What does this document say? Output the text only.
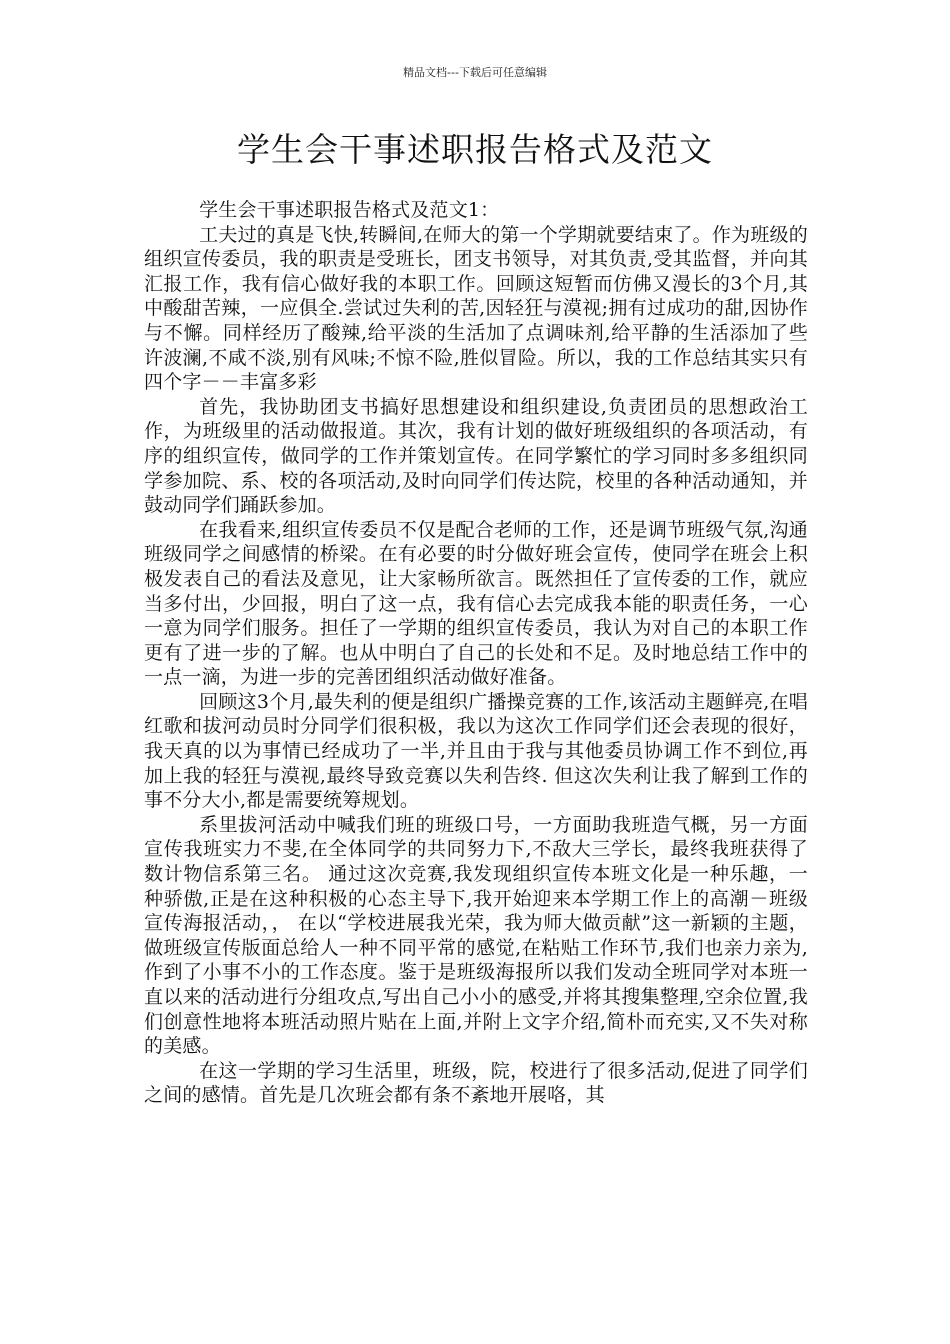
精品文档---下载后可任意编辑
学生会干事述职报告格式及范文

学生会干事述职报告格式及范文1：

工夫过的真是飞快,转瞬间,在师大的第一个学期就要结束了。作为班级的组织宣传委员，我的职责是受班长，团支书领导，对其负责,受其监督，并向其汇报工作，我有信心做好我的本职工作。回顾这短暂而仿佛又漫长的3个月,其中酸甜苦辣，一应俱全.尝试过失利的苦,因轻狂与漠视;拥有过成功的甜,因协作与不懈。同样经历了酸辣,给平淡的生活加了点调味剂,给平静的生活添加了些许波澜,不咸不淡,别有风味;不惊不险,胜似冒险。所以，我的工作总结其实只有四个字－－丰富多彩

首先，我协助团支书搞好思想建设和组织建设,负责团员的思想政治工作，为班级里的活动做报道。其次，我有计划的做好班级组织的各项活动，有序的组织宣传，做同学的工作并策划宣传。在同学繁忙的学习同时多多组织同学参加院、系、校的各项活动,及时向同学们传达院，校里的各种活动通知，并鼓动同学们踊跃参加。

在我看来,组织宣传委员不仅是配合老师的工作，还是调节班级气氛,沟通班级同学之间感情的桥梁。在有必要的时分做好班会宣传，使同学在班会上积极发表自己的看法及意见，让大家畅所欲言。既然担任了宣传委的工作，就应当多付出，少回报，明白了这一点，我有信心去完成我本能的职责任务，一心一意为同学们服务。担任了一学期的组织宣传委员，我认为对自己的本职工作更有了进一步的了解。也从中明白了自己的长处和不足。及时地总结工作中的一点一滴，为进一步的完善团组织活动做好准备。

回顾这3个月,最失利的便是组织广播操竞赛的工作,该活动主题鲜亮,在唱红歌和拔河动员时分同学们很积极，我以为这次工作同学们还会表现的很好，我天真的以为事情已经成功了一半,并且由于我与其他委员协调工作不到位,再加上我的轻狂与漠视,最终导致竞赛以失利告终. 但这次失利让我了解到工作的事不分大小,都是需要统筹规划。

系里拔河活动中喊我们班的班级口号，一方面助我班造气概，另一方面宣传我班实力不斐,在全体同学的共同努力下,不敌大三学长，最终我班获得了数计物信系第三名。 通过这次竞赛,我发现组织宣传本班文化是一种乐趣，一种骄傲,正是在这种积极的心态主导下,我开始迎来本学期工作上的高潮－班级宣传海报活动，， 在以“学校进展我光荣，我为师大做贡献”这一新颖的主题，做班级宣传版面总给人一种不同平常的感觉,在粘贴工作环节,我们也亲力亲为,作到了小事不小的工作态度。鉴于是班级海报所以我们发动全班同学对本班一直以来的活动进行分组攻点,写出自己小小的感受,并将其搜集整理,空余位置,我们创意性地将本班活动照片贴在上面,并附上文字介绍,简朴而充实,又不失对称的美感。

在这一学期的学习生活里，班级，院，校进行了很多活动,促进了同学们之间的感情。首先是几次班会都有条不紊地开展咯，其
